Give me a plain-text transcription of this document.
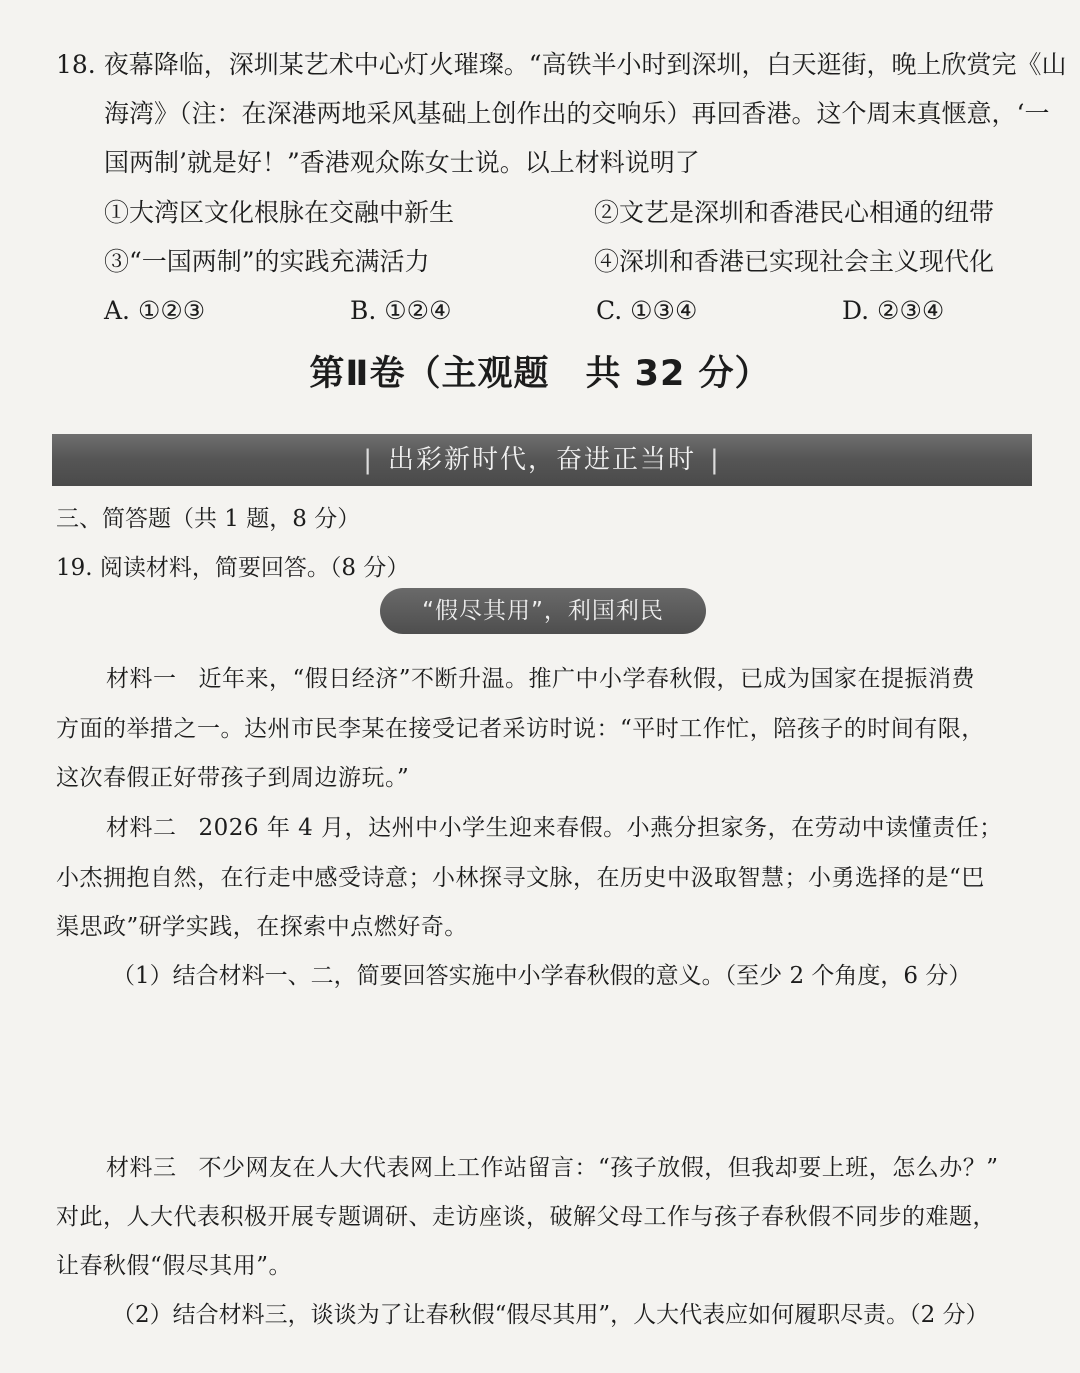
18. 夜幕降临，深圳某艺术中心灯火璀璨。“高铁半小时到深圳，白天逛街，晚上欣赏完《山
海湾》（注：在深港两地采风基础上创作出的交响乐）再回香港。这个周末真惬意，‘一
国两制’就是好！”香港观众陈女士说。以上材料说明了
①大湾区文化根脉在交融中新生	②文艺是深圳和香港民心相通的纽带
③“一国两制”的实践充满活力	④深圳和香港已实现社会主义现代化
A. ①②③	B. ①②④	C. ①③④	D. ②③④
第Ⅱ卷（主观题　共 32 分）
| 出彩新时代，奋进正当时 |
三、简答题（共 1 题，8 分）
19. 阅读材料，简要回答。（8 分）
“假尽其用”，利国利民
材料一 近年来，“假日经济”不断升温。推广中小学春秋假，已成为国家在提振消费
方面的举措之一。达州市民李某在接受记者采访时说：“平时工作忙，陪孩子的时间有限，
这次春假正好带孩子到周边游玩。”
材料二 2026 年 4 月，达州中小学生迎来春假。小燕分担家务，在劳动中读懂责任；
小杰拥抱自然，在行走中感受诗意；小林探寻文脉，在历史中汲取智慧；小勇选择的是“巴
渠思政”研学实践，在探索中点燃好奇。
（1）结合材料一、二，简要回答实施中小学春秋假的意义。（至少 2 个角度，6 分）
材料三 不少网友在人大代表网上工作站留言：“孩子放假，但我却要上班，怎么办？”
对此，人大代表积极开展专题调研、走访座谈，破解父母工作与孩子春秋假不同步的难题，
让春秋假“假尽其用”。
（2）结合材料三，谈谈为了让春秋假“假尽其用”，人大代表应如何履职尽责。（2 分）
